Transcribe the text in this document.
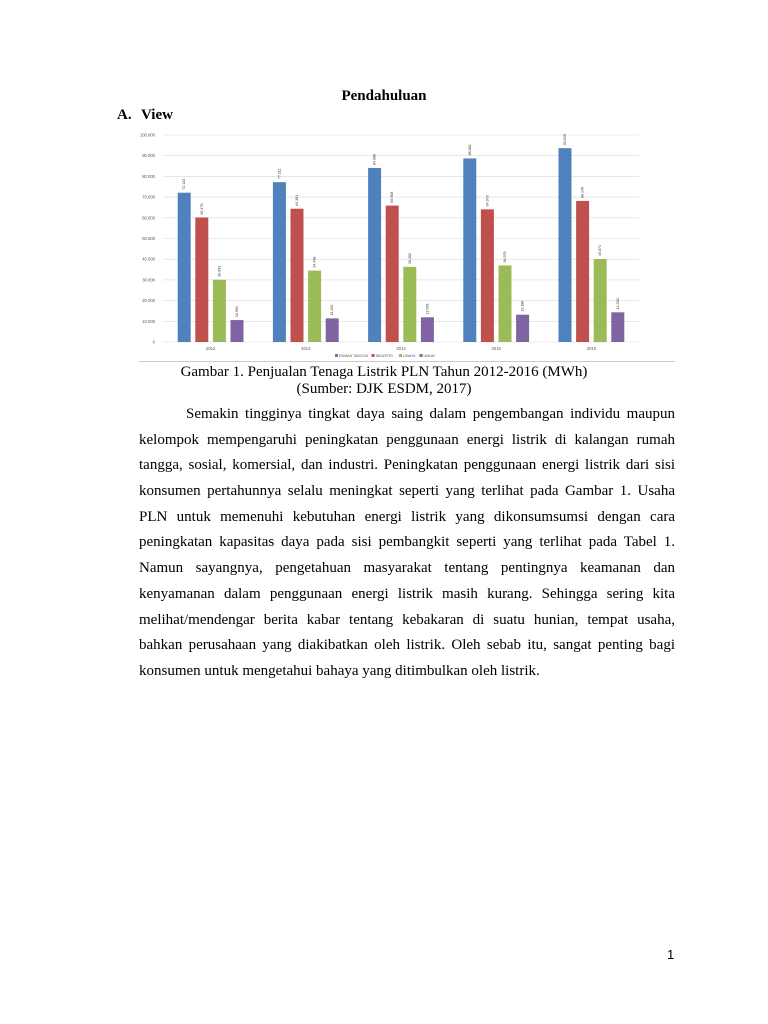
Pendahuluan
A. View
0
10.000
20.000
30.000
40.000
50.000
60.000
70.000
80.000
90.000
100.000
72.133
60.176
30.093
10.594
2012
77.211
64.381
34.498
11.402
2013
84.086
65.908
36.282
11.939
2014
88.682
64.079
36.978
13.186
2015
93.635
68.145
40.074
14.330
2016
RUMAH TANGGA INDUSTRI	USAHA UMUM
Gambar 1. Penjualan Tenaga Listrik PLN Tahun 2012-2016 (MWh)
(Sumber: DJK ESDM, 2017)
Semakin tingginya tingkat daya saing dalam pengembangan individu maupun
kelompok mempengaruhi peningkatan penggunaan energi listrik di kalangan rumah
tangga, sosial, komersial, dan industri. Peningkatan penggunaan energi listrik dari sisi
konsumen pertahunnya selalu meningkat seperti yang terlihat pada Gambar 1. Usaha
PLN untuk memenuhi kebutuhan energi listrik yang dikonsumsumsi dengan cara
peningkatan kapasitas daya pada sisi pembangkit seperti yang terlihat pada Tabel 1.
Namun sayangnya, pengetahuan masyarakat tentang pentingnya keamanan dan
kenyamanan dalam penggunaan energi listrik masih kurang. Sehingga sering kita
melihat/mendengar berita kabar tentang kebakaran di suatu hunian, tempat usaha,
bahkan perusahaan yang diakibatkan oleh listrik. Oleh sebab itu, sangat penting bagi
konsumen untuk mengetahui bahaya yang ditimbulkan oleh listrik.
1
